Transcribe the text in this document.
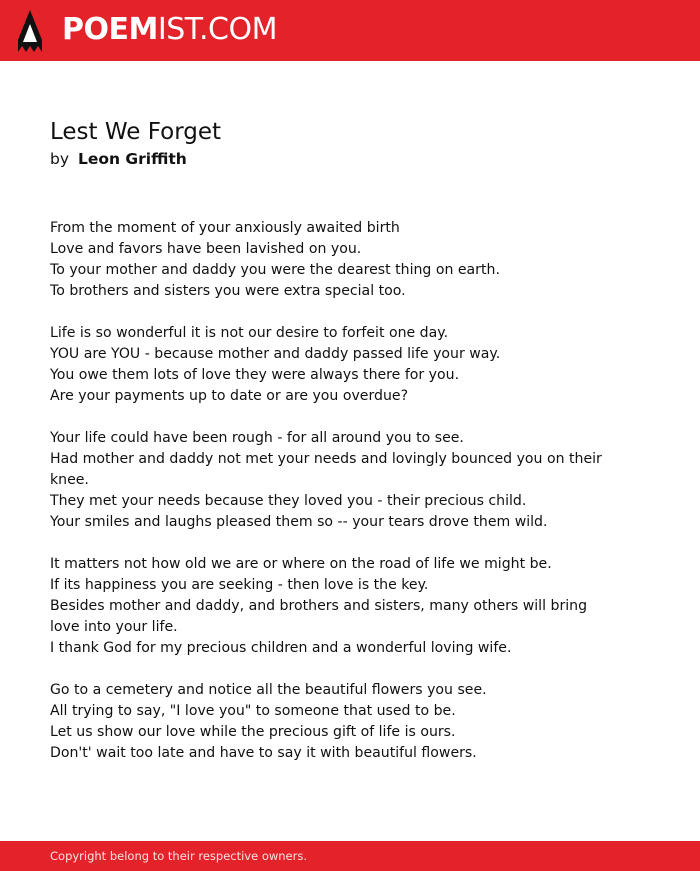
POEMIST.COM
Lest We Forget
by Leon Griffith
From the moment of your anxiously awaited birth
Love and favors have been lavished on you.
To your mother and daddy you were the dearest thing on earth.
To brothers and sisters you were extra special too.
Life is so wonderful it is not our desire to forfeit one day.
YOU are YOU - because mother and daddy passed life your way.
You owe them lots of love they were always there for you.
Are your payments up to date or are you overdue?
Your life could have been rough - for all around you to see.
Had mother and daddy not met your needs and lovingly bounced you on their knee.
They met your needs because they loved you - their precious child.
Your smiles and laughs pleased them so -- your tears drove them wild.
It matters not how old we are or where on the road of life we might be.
If its happiness you are seeking - then love is the key.
Besides mother and daddy, and brothers and sisters, many others will bring love into your life.
I thank God for my precious children and a wonderful loving wife.
Go to a cemetery and notice all the beautiful flowers you see.
All trying to say, "I love you" to someone that used to be.
Let us show our love while the precious gift of life is ours.
Don't' wait too late and have to say it with beautiful flowers.
Copyright belong to their respective owners.
